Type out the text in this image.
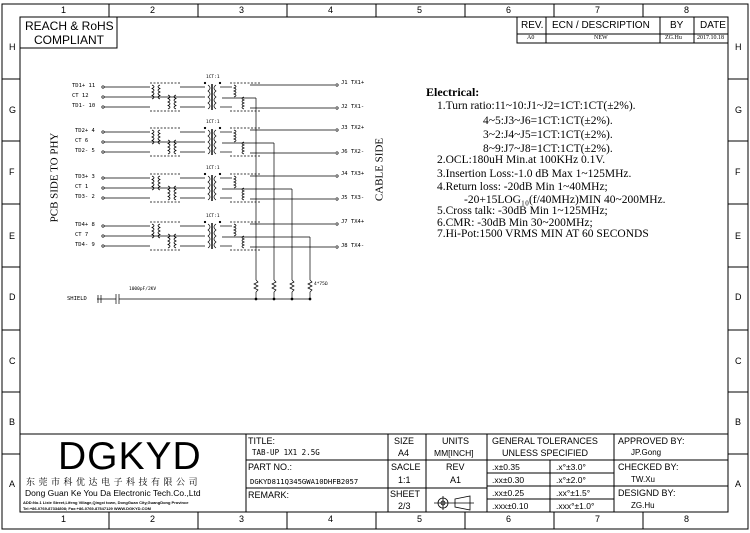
REACH & RoHS
COMPLIANT
REV. ECN / DESCRIPTION BY DATE
A0	NEW	ZG.Hu	2017.10.18
PCB SIDE TO PHY	CABLE SIDE
TD1+ 11
CT 12
TD1- 10
TD2+ 4
CT 6
TD2- 5
TD3+ 3
CT 1
TD3- 2
TD4+ 8
CT 7
TD4- 9
J1 TX1+
J2 TX1-
J3 TX2+
J6 TX2-
J4 TX3+
J5 TX3-
J7 TX4+
J8 TX4-
1CT:1
1CT:1
1CT:1
1CT:1
SHIELD
1000pF/2KV
4*75Ω
Electrical:
1.Turn ratio:11~10:J1~J2=1CT:1CT(±2%).
4~5:J3~J6=1CT:1CT(±2%).
3~2:J4~J5=1CT:1CT(±2%).
8~9:J7~J8=1CT:1CT(±2%).
2.OCL:180uH Min.at 100KHz 0.1V.
3.Insertion Loss:-1.0 dB Max 1~125MHz.
4.Return loss: -20dB Min 1~40MHz;
-20+15LOG₁₀(f/40MHz)MIN 40~200MHz.
5.Cross talk: -30dB Min 1~125MHz;
6.CMR: -30dB Min 30~200MHz;
7.Hi-Pot:1500 VRMS MIN AT 60 SECONDS
DGKYD
东 莞 市 科 优 达 电 子 科 技 有 限 公 司
Dong Guan Ke You Da Electronic Tech.Co.,Ltd
ADD:No.1 Lixie Street,Lifeng Village,Qingxi town, DongGuan City,GuangDong Province
Tel:+86-0769-87334808; Fax:+86-0769-87547129 WWW.DGKYD.COM
TITLE:
TAB-UP 1X1 2.5G
PART NO.:
DGKYD811Q345GWA10DHFB2057
REMARK:
SIZE
A4
SACLE
1:1
SHEET
2/3
UNITS
MM[INCH]
REV
A1
GENERAL TOLERANCES
UNLESS SPECIFIED
.x±0.35	.x°±3.0°
.xx±0.30	.x°±2.0°
.xx±0.25	.xx°±1.5°
.xxx±0.10	.xxx°±1.0°
APPROVED BY:
JP.Gong
CHECKED BY:
TW.Xu
DESIGND BY:
ZG.Hu
1
1
2
2
3
3
4
4
5
5
6
6
7
7
8
8
H	H
G	G
F	F
E	E
D	D
C	C
B	B
A	A
